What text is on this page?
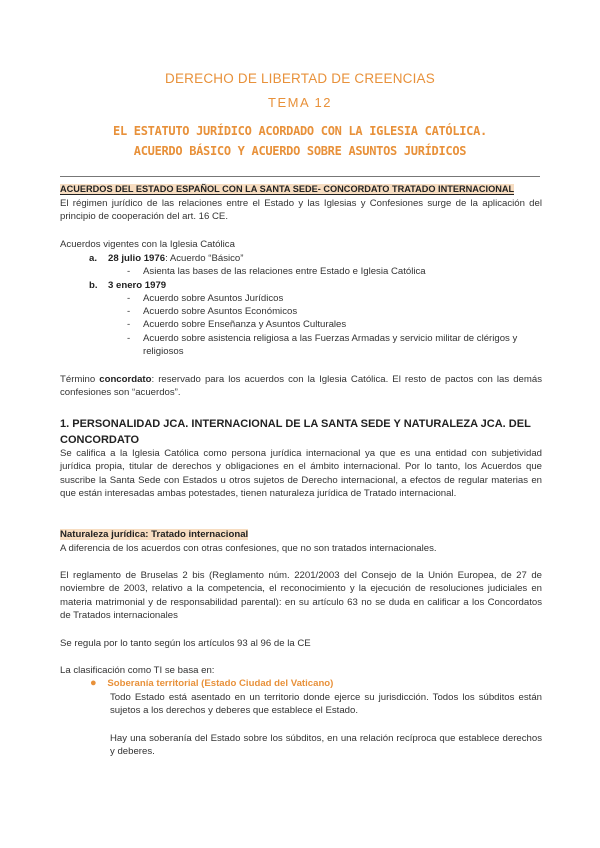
DERECHO DE LIBERTAD DE CREENCIAS
TEMA 12
EL ESTATUTO JURÍDICO ACORDADO CON LA IGLESIA CATÓLICA. ACUERDO BÁSICO Y ACUERDO SOBRE ASUNTOS JURÍDICOS
ACUERDOS DEL ESTADO ESPAÑOL CON LA SANTA SEDE- CONCORDATO TRATADO INTERNACIONAL
El régimen jurídico de las relaciones entre el Estado y las Iglesias y Confesiones surge de la aplicación del principio de cooperación del art. 16 CE.
Acuerdos vigentes con la Iglesia Católica
a. 28 julio 1976: Acuerdo “Básico”
- Asienta las bases de las relaciones entre Estado e Iglesia Católica
b. 3 enero 1979
- Acuerdo sobre Asuntos Jurídicos
- Acuerdo sobre Asuntos Económicos
- Acuerdo sobre Enseñanza y Asuntos Culturales
-	Acuerdo sobre asistencia religiosa a las Fuerzas Armadas y servicio militar de clérigos y religiosos
Término concordato: reservado para los acuerdos con la Iglesia Católica. El resto de pactos con las demás confesiones son “acuerdos”.
1. PERSONALIDAD JCA. INTERNACIONAL DE LA SANTA SEDE Y NATURALEZA JCA. DEL CONCORDATO
Se califica a la Iglesia Católica como persona jurídica internacional ya que es una entidad con subjetividad jurídica propia, titular de derechos y obligaciones en el ámbito internacional. Por lo tanto, los Acuerdos que suscribe la Santa Sede con Estados u otros sujetos de Derecho internacional, a efectos de regular materias en que están interesadas ambas potestades, tienen naturaleza jurídica de Tratado internacional.
Naturaleza jurídica: Tratado internacional
A diferencia de los acuerdos con otras confesiones, que no son tratados internacionales.
El reglamento de Bruselas 2 bis (Reglamento núm. 2201/2003 del Consejo de la Unión Europea, de 27 de noviembre de 2003, relativo a la competencia, el reconocimiento y la ejecución de resoluciones judiciales en materia matrimonial y de responsabilidad parental): en su artículo 63 no se duda en calificar a los Concordatos de Tratados internacionales
Se regula por lo tanto según los artículos 93 al 96 de la CE
La clasificación como TI se basa en:
● Soberanía territorial (Estado Ciudad del Vaticano)
Todo Estado está asentado en un territorio donde ejerce su jurisdicción. Todos los súbditos están sujetos a los derechos y deberes que establece el Estado.
Hay una soberanía del Estado sobre los súbditos, en una relación recíproca que establece derechos y deberes.
